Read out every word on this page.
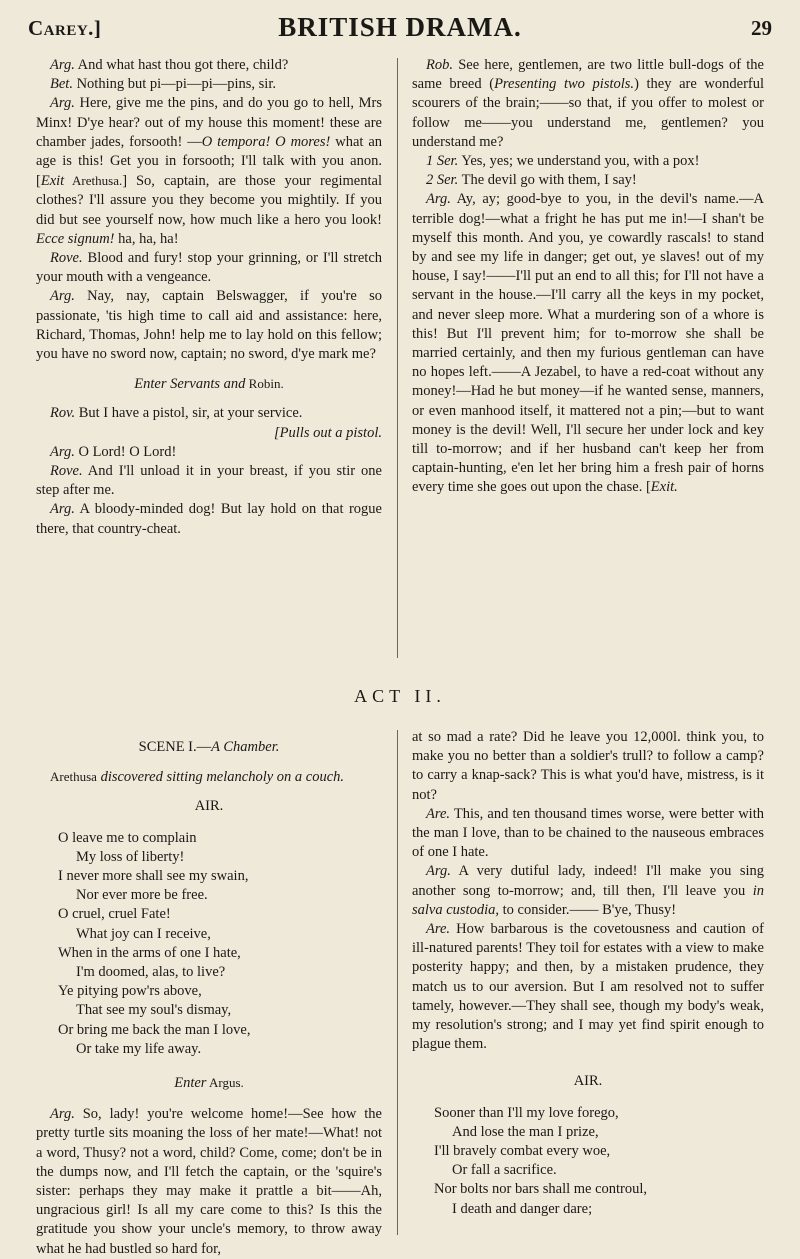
Carey.]	BRITISH DRAMA.	29

Arg. And what hast thou got there, child?

Bet. Nothing but pi—pi—pi—pins, sir.

Arg. Here, give me the pins, and do you go to hell, Mrs Minx! D'ye hear? out of my house this moment! these are chamber jades, forsooth! —O tempora! O mores! what an age is this! Get you in forsooth; I'll talk with you anon. [Exit Arethusa.] So, captain, are those your regimental clothes? I'll assure you they become you mightily. If you did but see yourself now, how much like a hero you look! Ecce signum! ha, ha, ha!

Rove. Blood and fury! stop your grinning, or I'll stretch your mouth with a vengeance.

Arg. Nay, nay, captain Belswagger, if you're so passionate, 'tis high time to call aid and assistance: here, Richard, Thomas, John! help me to lay hold on this fellow; you have no sword now, captain; no sword, d'ye mark me?

Enter Servants and Robin.

Rov. But I have a pistol, sir, at your service.

[Pulls out a pistol.

Arg. O Lord! O Lord!

Rove. And I'll unload it in your breast, if you stir one step after me.

Arg. A bloody-minded dog! But lay hold on that rogue there, that country-cheat.

Rob. See here, gentlemen, are two little bull-dogs of the same breed (Presenting two pistols.) they are wonderful scourers of the brain;——so that, if you offer to molest or follow me——you understand me, gentlemen? you understand me?

1 Ser. Yes, yes; we understand you, with a pox!

2 Ser. The devil go with them, I say!

Arg. Ay, ay; good-bye to you, in the devil's name.—A terrible dog!—what a fright he has put me in!—I shan't be myself this month. And you, ye cowardly rascals! to stand by and see my life in danger; get out, ye slaves! out of my house, I say!——I'll put an end to all this; for I'll not have a servant in the house.—I'll carry all the keys in my pocket, and never sleep more. What a murdering son of a whore is this! But I'll prevent him; for to-morrow she shall be married certainly, and then my furious gentleman can have no hopes left.——A Jezabel, to have a red-coat without any money!—Had he but money—if he wanted sense, manners, or even manhood itself, it mattered not a pin;—but to want money is the devil! Well, I'll secure her under lock and key till to-morrow; and if her husband can't keep her from captain-hunting, e'en let her bring him a fresh pair of horns every time she goes out upon the chase. [Exit.

ACT II.

SCENE I.—A Chamber.

Arethusa discovered sitting melancholy on a couch.

AIR.

O leave me to complain

My loss of liberty!

I never more shall see my swain,

Nor ever more be free.

O cruel, cruel Fate!

What joy can I receive,

When in the arms of one I hate,

I'm doomed, alas, to live?

Ye pitying pow'rs above,

That see my soul's dismay,

Or bring me back the man I love,

Or take my life away.

Enter Argus.

Arg. So, lady! you're welcome home!—See how the pretty turtle sits moaning the loss of her mate!—What! not a word, Thusy? not a word, child? Come, come; don't be in the dumps now, and I'll fetch the captain, or the 'squire's sister: perhaps they may make it prattle a bit——Ah, ungracious girl! Is all my care come to this? Is this the gratitude you show your uncle's memory, to throw away what he had bustled so hard for,

at so mad a rate? Did he leave you 12,000l. think you, to make you no better than a soldier's trull? to follow a camp? to carry a knap-sack? This is what you'd have, mistress, is it not?

Are. This, and ten thousand times worse, were better with the man I love, than to be chained to the nauseous embraces of one I hate.

Arg. A very dutiful lady, indeed! I'll make you sing another song to-morrow; and, till then, I'll leave you in salva custodia, to consider.—— B'ye, Thusy!

Are. How barbarous is the covetousness and caution of ill-natured parents! They toil for estates with a view to make posterity happy; and then, by a mistaken prudence, they match us to our aversion. But I am resolved not to suffer tamely, however.—They shall see, though my body's weak, my resolution's strong; and I may yet find spirit enough to plague them.

AIR.

Sooner than I'll my love forego,

And lose the man I prize,

I'll bravely combat every woe,

Or fall a sacrifice.

Nor bolts nor bars shall me controul,

I death and danger dare;
